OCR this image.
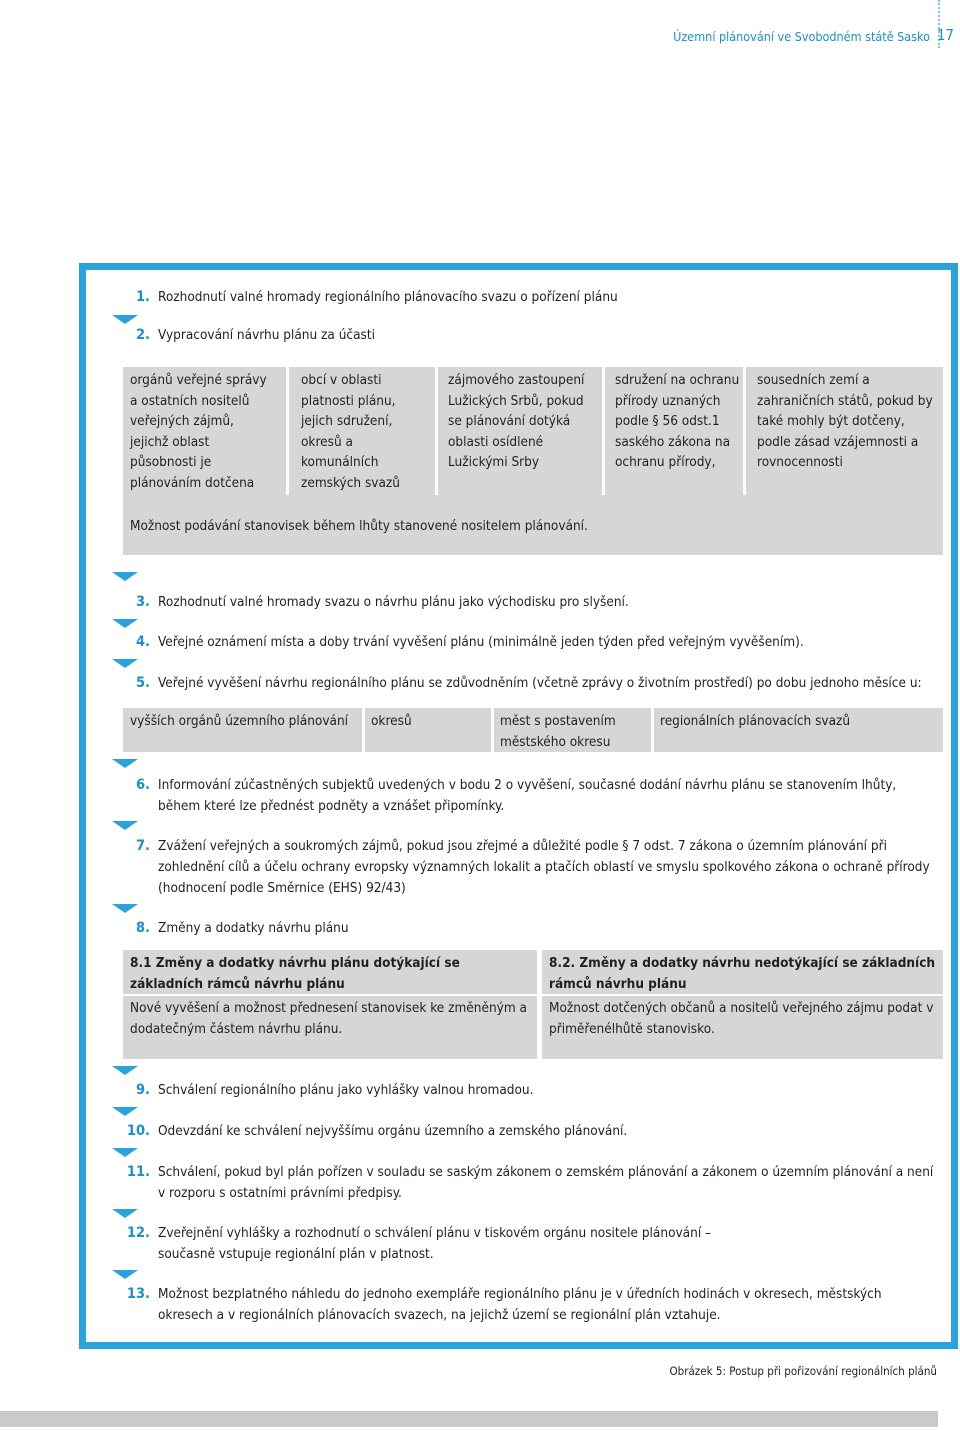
Územní plánování ve Svobodném státě Sasko 17
1. Rozhodnutí valné hromady regionálního plánovacího svazu o pořízení plánu
2. Vypracování návrhu plánu za účasti
orgánů veřejné správy a ostatních nositelů veřejných zájmů, jejichž oblast působnosti je plánováním dotčena
obcí v oblasti platnosti plánu, jejich sdružení, okresů a komunálních zemských svazů
zájmového zastoupení Lužických Srbů, pokud se plánování dotýká oblasti osídlené Lužickými Srby
sdružení na ochranu přírody uznaných podle § 56 odst.1 saského zákona na ochranu přírody,
sousedních zemí a zahraničních států, pokud by také mohly být dotčeny, podle zásad vzájemnosti a rovnocennosti
Možnost podávání stanovisek během lhůty stanovené nositelem plánování.
3. Rozhodnutí valné hromady svazu o návrhu plánu jako východisku pro slyšení.
4. Veřejné oznámení místa a doby trvání vyvěšení plánu (minimálně jeden týden před veřejným vyvěšením).
5. Veřejné vyvěšení návrhu regionálního plánu se zdůvodněním (včetně zprávy o životním prostředí) po dobu jednoho měsíce u:
vyšších orgánů územního plánování	okresů	měst s postavením městského okresu
regionálních plánovacích svazů
6. Informování zúčastněných subjektů uvedených v bodu 2 o vyvěšení, současné dodání návrhu plánu se stanovením lhůty, během které lze přednést podněty a vznášet připomínky.
7. Zvážení veřejných a soukromých zájmů, pokud jsou zřejmé a důležité podle § 7 odst. 7 zákona o územním plánování při zohlednění cílů a účelu ochrany evropsky významných lokalit a ptačích oblastí ve smyslu spolkového zákona o ochraně přírody (hodnocení podle Směrnice (EHS) 92/43)
8. Změny a dodatky návrhu plánu
8.1 Změny a dodatky návrhu plánu dotýkající se základních rámců návrhu plánu
Nové vyvěšení a možnost přednesení stanovisek ke změněným a dodatečným částem návrhu plánu.
8.2. Změny a dodatky návrhu nedotýkající se základních rámců návrhu plánu
Možnost dotčených občanů a nositelů veřejného zájmu podat v přiměřenélhůtě stanovisko.
9. Schválení regionálního plánu jako vyhlášky valnou hromadou.
10. Odevzdání ke schválení nejvyššímu orgánu územního a zemského plánování.
11. Schválení, pokud byl plán pořízen v souladu se saským zákonem o zemském plánování a zákonem o územním plánování a není v rozporu s ostatními právními předpisy.
12. Zveřejnění vyhlášky a rozhodnutí o schválení plánu v tiskovém orgánu nositele plánování – současně vstupuje regionální plán v platnost.
13. Možnost bezplatného náhledu do jednoho exempláře regionálního plánu je v úředních hodinách v okresech, městských okresech a v regionálních plánovacích svazech, na jejichž území se regionální plán vztahuje.
Obrázek 5: Postup při pořizování regionálních plánů
